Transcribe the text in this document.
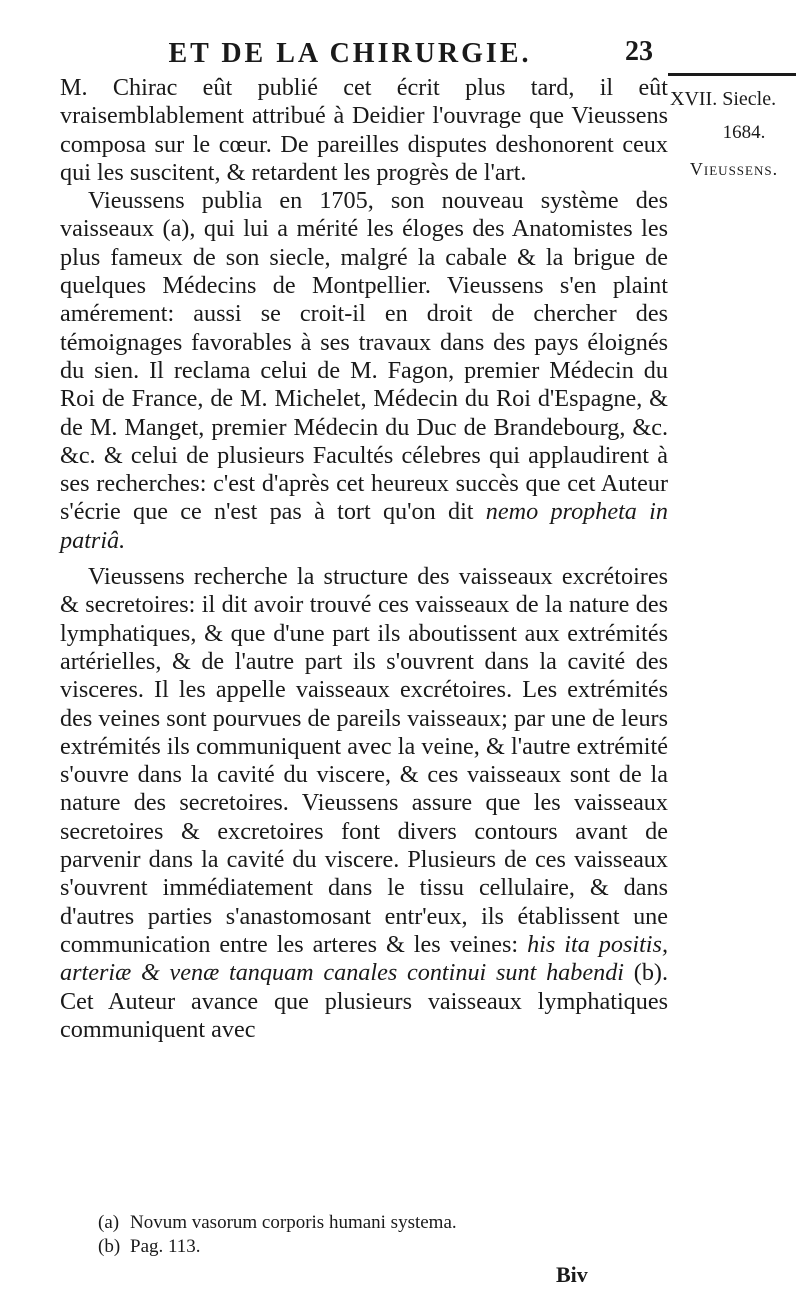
ET DE LA CHIRURGIE.	23

M. Chirac eût publié cet écrit plus tard, il eût vraisemblablement attribué à Deidier l'ouvrage que Vieussens composa sur le cœur. De pareilles disputes deshonorent ceux qui les suscitent, & retardent les progrès de l'art.

Vieussens publia en 1705, son nouveau système des vaisseaux (a), qui lui a mérité les éloges des Anatomistes les plus fameux de son siecle, malgré la cabale & la brigue de quelques Médecins de Montpellier. Vieussens s'en plaint amérement: aussi se croit-il en droit de chercher des témoignages favorables à ses travaux dans des pays éloignés du sien. Il reclama celui de M. Fagon, premier Médecin du Roi de France, de M. Michelet, Médecin du Roi d'Espagne, & de M. Manget, premier Médecin du Duc de Brandebourg, &c. &c. & celui de plusieurs Facultés célebres qui applaudirent à ses recherches: c'est d'après cet heureux succès que cet Auteur s'écrie que ce n'est pas à tort qu'on dit nemo propheta in patriâ.

Vieussens recherche la structure des vaisseaux excrétoires & secretoires: il dit avoir trouvé ces vaisseaux de la nature des lymphatiques, & que d'une part ils aboutissent aux extrémités artérielles, & de l'autre part ils s'ouvrent dans la cavité des visceres. Il les appelle vaisseaux excrétoires. Les extrémités des veines sont pourvues de pareils vaisseaux; par une de leurs extrémités ils communiquent avec la veine, & l'autre extrémité s'ouvre dans la cavité du viscere, & ces vaisseaux sont de la nature des secretoires. Vieussens assure que les vaisseaux secretoires & excretoires font divers contours avant de parvenir dans la cavité du viscere. Plusieurs de ces vaisseaux s'ouvrent immédiatement dans le tissu cellulaire, & dans d'autres parties s'anastomosant entr'eux, ils établissent une communication entre les arteres & les veines: his ita positis, arteriæ & venæ tanquam canales continui sunt habendi (b). Cet Auteur avance que plusieurs vaisseaux lymphatiques communiquent avec

XVII. Siecle.
1684.
Vieussens.
(a) Novum vasorum corporis humani systema.
(b) Pag. 113.
Biv
